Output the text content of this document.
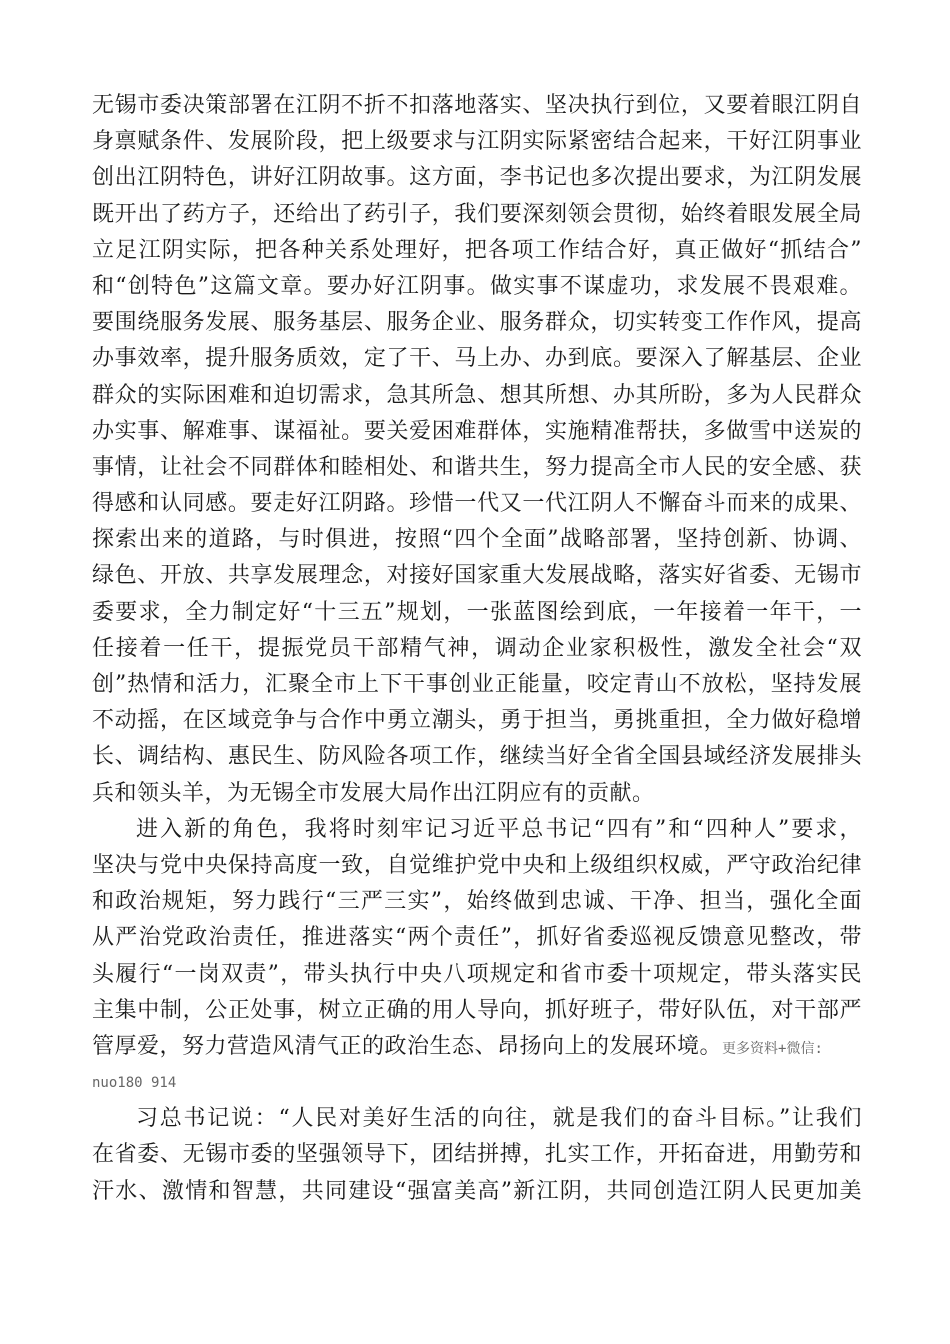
无锡市委决策部署在江阴不折不扣落地落实、坚决执行到位，又要着眼江阴自
身禀赋条件、发展阶段，把上级要求与江阴实际紧密结合起来，干好江阴事业
创出江阴特色，讲好江阴故事。这方面，李书记也多次提出要求，为江阴发展
既开出了药方子，还给出了药引子，我们要深刻领会贯彻，始终着眼发展全局
立足江阴实际，把各种关系处理好，把各项工作结合好，真正做好“抓结合”
和“创特色”这篇文章。要办好江阴事。做实事不谋虚功，求发展不畏艰难。
要围绕服务发展、服务基层、服务企业、服务群众，切实转变工作作风，提高
办事效率，提升服务质效，定了干、马上办、办到底。要深入了解基层、企业
群众的实际困难和迫切需求，急其所急、想其所想、办其所盼，多为人民群众
办实事、解难事、谋福祉。要关爱困难群体，实施精准帮扶，多做雪中送炭的
事情，让社会不同群体和睦相处、和谐共生，努力提高全市人民的安全感、获
得感和认同感。要走好江阴路。珍惜一代又一代江阴人不懈奋斗而来的成果、
探索出来的道路，与时俱进，按照“四个全面”战略部署，坚持创新、协调、
绿色、开放、共享发展理念，对接好国家重大发展战略，落实好省委、无锡市
委要求，全力制定好“十三五”规划，一张蓝图绘到底，一年接着一年干，一
任接着一任干，提振党员干部精气神，调动企业家积极性，激发全社会“双
创”热情和活力，汇聚全市上下干事创业正能量，咬定青山不放松，坚持发展
不动摇，在区域竞争与合作中勇立潮头，勇于担当，勇挑重担，全力做好稳增
长、调结构、惠民生、防风险各项工作，继续当好全省全国县域经济发展排头
兵和领头羊，为无锡全市发展大局作出江阴应有的贡献。
进入新的角色，我将时刻牢记习近平总书记“四有”和“四种人”要求，
坚决与党中央保持高度一致，自觉维护党中央和上级组织权威，严守政治纪律
和政治规矩，努力践行“三严三实”，始终做到忠诚、干净、担当，强化全面
从严治党政治责任，推进落实“两个责任”，抓好省委巡视反馈意见整改，带
头履行“一岗双责”，带头执行中央八项规定和省市委十项规定，带头落实民
主集中制，公正处事，树立正确的用人导向，抓好班子，带好队伍，对干部严
管厚爱，努力营造风清气正的政治生态、昂扬向上的发展环境。更多资料+微信:
nuo180 914
习总书记说：“人民对美好生活的向往，就是我们的奋斗目标。”让我们
在省委、无锡市委的坚强领导下，团结拼搏，扎实工作，开拓奋进，用勤劳和
汗水、激情和智慧，共同建设“强富美高”新江阴，共同创造江阴人民更加美
